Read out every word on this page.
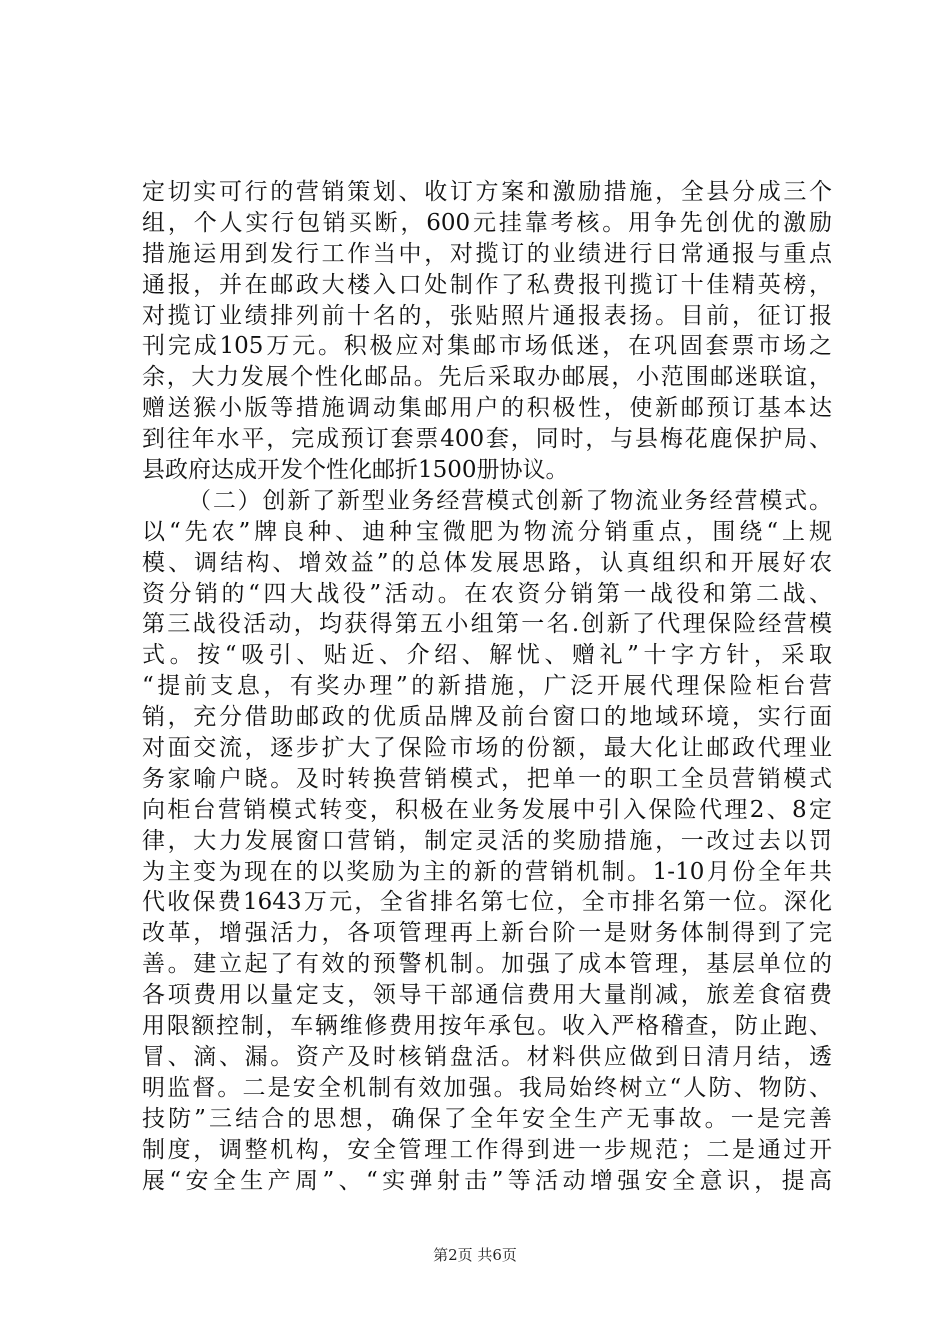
定切实可行的营销策划、收订方案和激励措施，全县分成三个
组，个人实行包销买断，600元挂靠考核。用争先创优的激励
措施运用到发行工作当中，对揽订的业绩进行日常通报与重点
通报，并在邮政大楼入口处制作了私费报刊揽订十佳精英榜，
对揽订业绩排列前十名的，张贴照片通报表扬。目前，征订报
刊完成105万元。积极应对集邮市场低迷，在巩固套票市场之
余，大力发展个性化邮品。先后采取办邮展，小范围邮迷联谊，
赠送猴小版等措施调动集邮用户的积极性，使新邮预订基本达
到往年水平，完成预订套票400套，同时，与县梅花鹿保护局、
县政府达成开发个性化邮折1500册协议。
（二）创新了新型业务经营模式创新了物流业务经营模式。
以“先农”牌良种、迪种宝微肥为物流分销重点，围绕“上规
模、调结构、增效益”的总体发展思路，认真组织和开展好农
资分销的“四大战役”活动。在农资分销第一战役和第二战、
第三战役活动，均获得第五小组第一名.创新了代理保险经营模
式。按“吸引、贴近、介绍、解忧、赠礼”十字方针，采取
“提前支息，有奖办理”的新措施，广泛开展代理保险柜台营
销，充分借助邮政的优质品牌及前台窗口的地域环境，实行面
对面交流，逐步扩大了保险市场的份额，最大化让邮政代理业
务家喻户晓。及时转换营销模式，把单一的职工全员营销模式
向柜台营销模式转变，积极在业务发展中引入保险代理2、8定
律，大力发展窗口营销，制定灵活的奖励措施，一改过去以罚
为主变为现在的以奖励为主的新的营销机制。1-10月份全年共
代收保费1643万元，全省排名第七位，全市排名第一位。深化
改革，增强活力，各项管理再上新台阶一是财务体制得到了完
善。建立起了有效的预警机制。加强了成本管理，基层单位的
各项费用以量定支，领导干部通信费用大量削减，旅差食宿费
用限额控制，车辆维修费用按年承包。收入严格稽查，防止跑、
冒、滴、漏。资产及时核销盘活。材料供应做到日清月结，透
明监督。二是安全机制有效加强。我局始终树立“人防、物防、
技防”三结合的思想，确保了全年安全生产无事故。一是完善
制度，调整机构，安全管理工作得到进一步规范；二是通过开
展“安全生产周”、“实弹射击”等活动增强安全意识，提高
第2页 共6页
